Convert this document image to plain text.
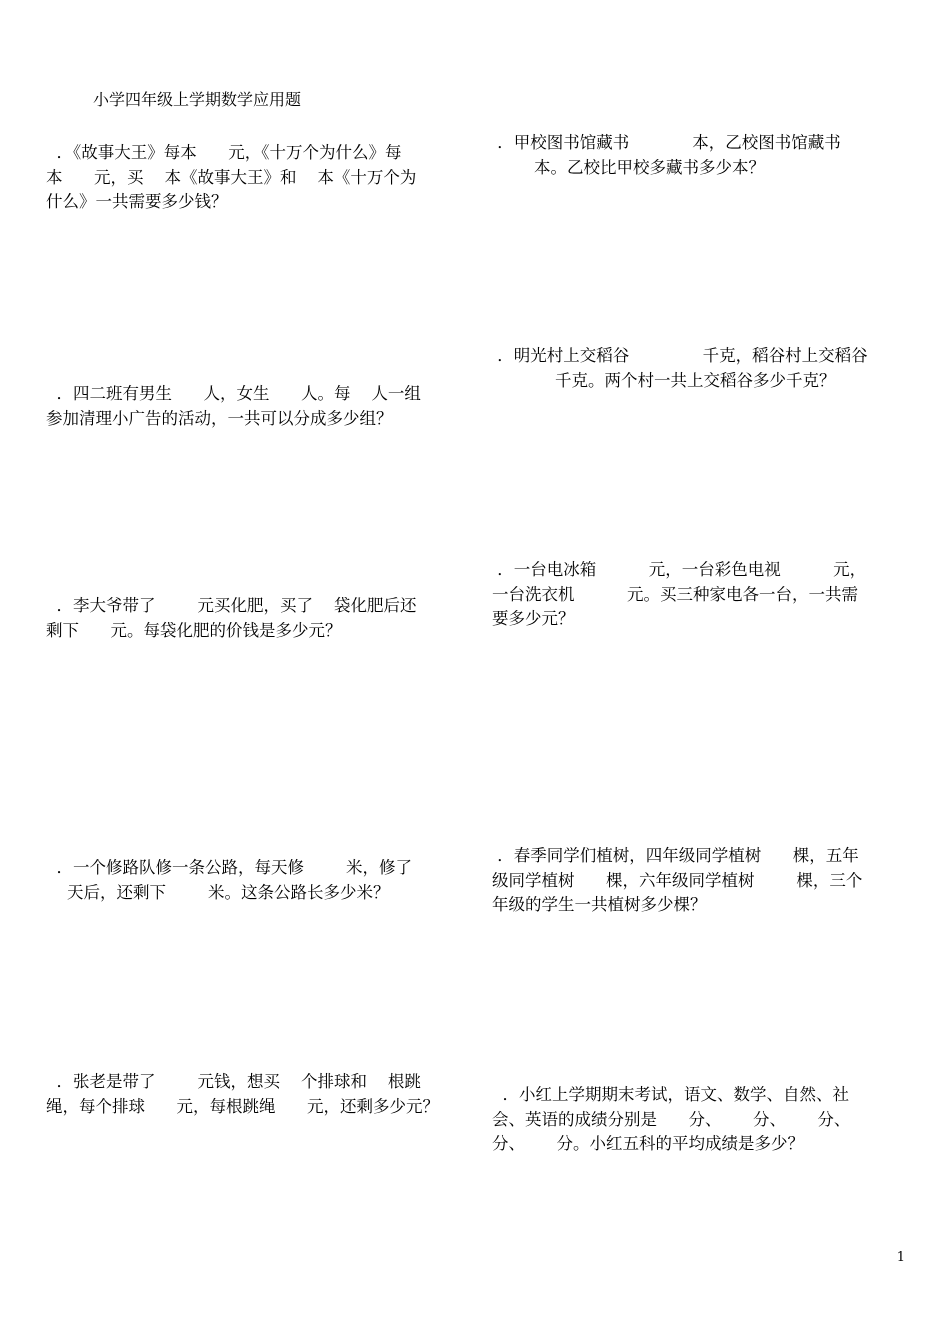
小学四年级上学期数学应用题
．《故事大王》每本      元，《十万个为什么》每
本      元，买    本《故事大王》和    本《十万个为
什么》一共需要多少钱？
．四二班有男生      人，女生      人。每    人一组
参加清理小广告的活动，一共可以分成多少组？
．李大爷带了        元买化肥，买了    袋化肥后还
剩下      元。每袋化肥的价钱是多少元？
．一个修路队修一条公路，每天修        米，修了
天后，还剩下        米。这条公路长多少米？
．张老是带了        元钱，想买    个排球和    根跳
绳，每个排球      元，每根跳绳      元，还剩多少元？
．甲校图书馆藏书            本，乙校图书馆藏书
本。乙校比甲校多藏书多少本？
．明光村上交稻谷              千克，稻谷村上交稻谷
千克。两个村一共上交稻谷多少千克？
．一台电冰箱          元，一台彩色电视          元，
一台洗衣机          元。买三种家电各一台，一共需
要多少元？
．春季同学们植树，四年级同学植树      棵，五年
级同学植树      棵，六年级同学植树        棵，三个
年级的学生一共植树多少棵？
．小红上学期期末考试，语文、数学、自然、社
会、英语的成绩分别是      分、      分、      分、
分、      分。小红五科的平均成绩是多少？
1
